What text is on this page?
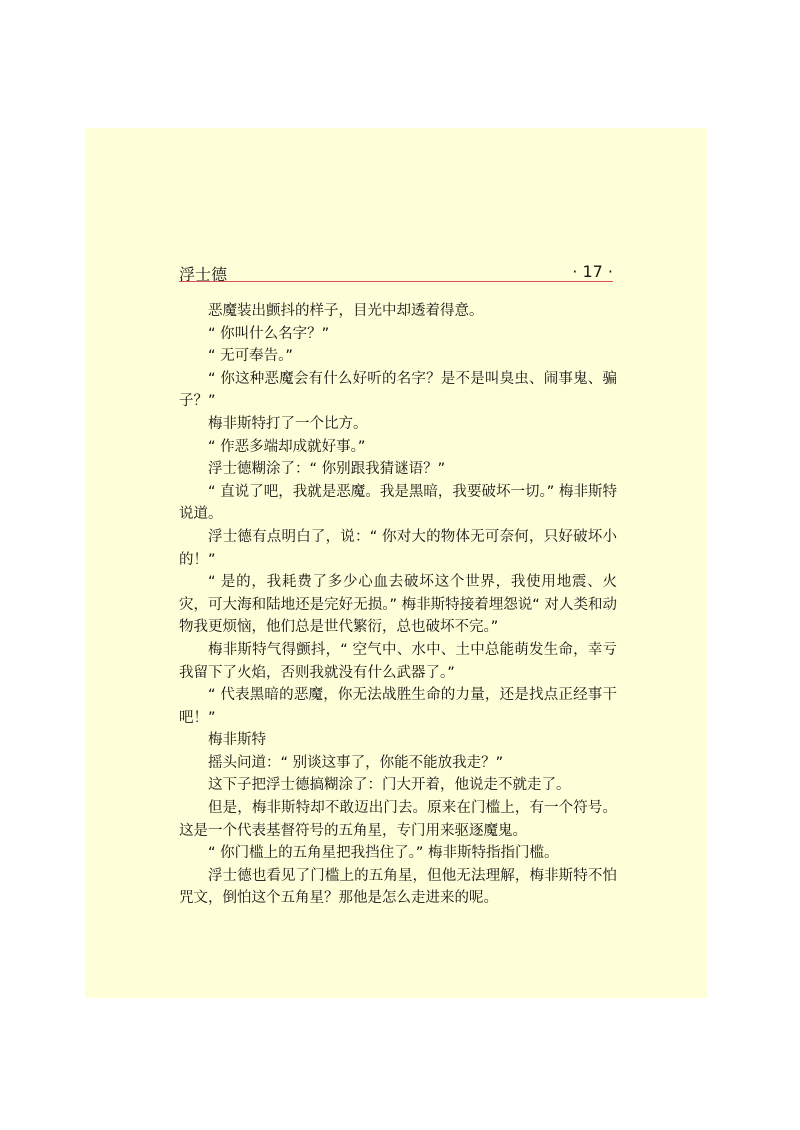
浮士德	· 17 ·

恶魔装出颤抖的样子，目光中却透着得意。

“ 你叫什么名字？”

“ 无可奉告。”

“ 你这种恶魔会有什么好听的名字？是不是叫臭虫、闹事鬼、骗子？”

梅非斯特打了一个比方。

“ 作恶多端却成就好事。”

浮士德糊涂了：“ 你别跟我猜谜语？”

“ 直说了吧，我就是恶魔。我是黑暗，我要破坏一切。” 梅非斯特说道。

浮士德有点明白了，说：“ 你对大的物体无可奈何，只好破坏小的！”

“ 是的，我耗费了多少心血去破坏这个世界，我使用地震、火灾，可大海和陆地还是完好无损。” 梅非斯特接着埋怨说“ 对人类和动物我更烦恼，他们总是世代繁衍，总也破坏不完。”

梅非斯特气得颤抖，“ 空气中、水中、土中总能萌发生命，幸亏我留下了火焰，否则我就没有什么武器了。”

“ 代表黑暗的恶魔，你无法战胜生命的力量，还是找点正经事干吧！”

梅非斯特

摇头问道：“ 别谈这事了，你能不能放我走？”

这下子把浮士德搞糊涂了：门大开着，他说走不就走了。

但是，梅非斯特却不敢迈出门去。原来在门槛上，有一个符号。这是一个代表基督符号的五角星，专门用来驱逐魔鬼。

“ 你门槛上的五角星把我挡住了。” 梅非斯特指指门槛。

浮士德也看见了门槛上的五角星，但他无法理解，梅非斯特不怕咒文，倒怕这个五角星？那他是怎么走进来的呢。
